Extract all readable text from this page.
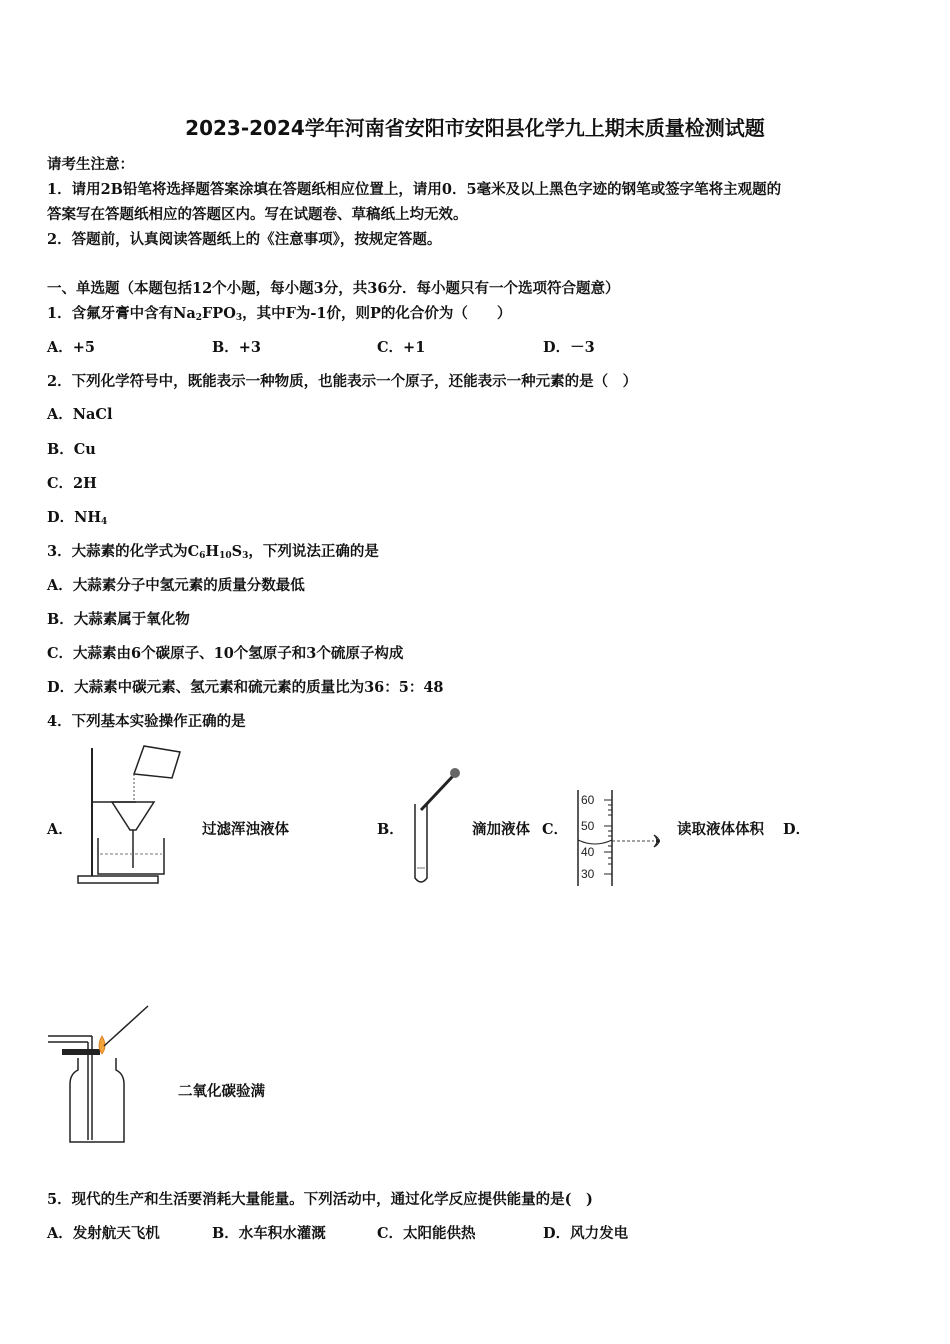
2023-2024学年河南省安阳市安阳县化学九上期末质量检测试题
请考生注意：
1．请用2B铅笔将选择题答案涂填在答题纸相应位置上，请用0．5毫米及以上黑色字迹的钢笔或签字笔将主观题的
答案写在答题纸相应的答题区内。写在试题卷、草稿纸上均无效。
2．答题前，认真阅读答题纸上的《注意事项》，按规定答题。
一、单选题（本题包括12个小题，每小题3分，共36分．每小题只有一个选项符合题意）
1．含氟牙膏中含有$Na_2FPO_3$，其中F为-1价，则P的化合价为（　　）
A．+5	B．+3	C．+1	D．－3
2．下列化学符号中，既能表示一种物质，也能表示一个原子，还能表示一种元素的是（　）
A．NaCl
B．Cu
C．2H
D．$NH_4$
3．大蒜素的化学式为$C_6H_{10}S_3$，下列说法正确的是
A．大蒜素分子中氢元素的质量分数最低
B．大蒜素属于氧化物
C．大蒜素由6个碳原子、10个氢原子和3个硫原子构成
D．大蒜素中碳元素、氢元素和硫元素的质量比为36：5：48
4．下列基本实验操作正确的是
A．	过滤浑浊液体	B．	滴加液体 C．
60
50
40
30
读取液体体积 D．
二氧化碳验满
5．现代的生产和生活要消耗大量能量。下列活动中，通过化学反应提供能量的是(　)
A．发射航天飞机	B．水车积水灌溉	C．太阳能供热	D．风力发电
